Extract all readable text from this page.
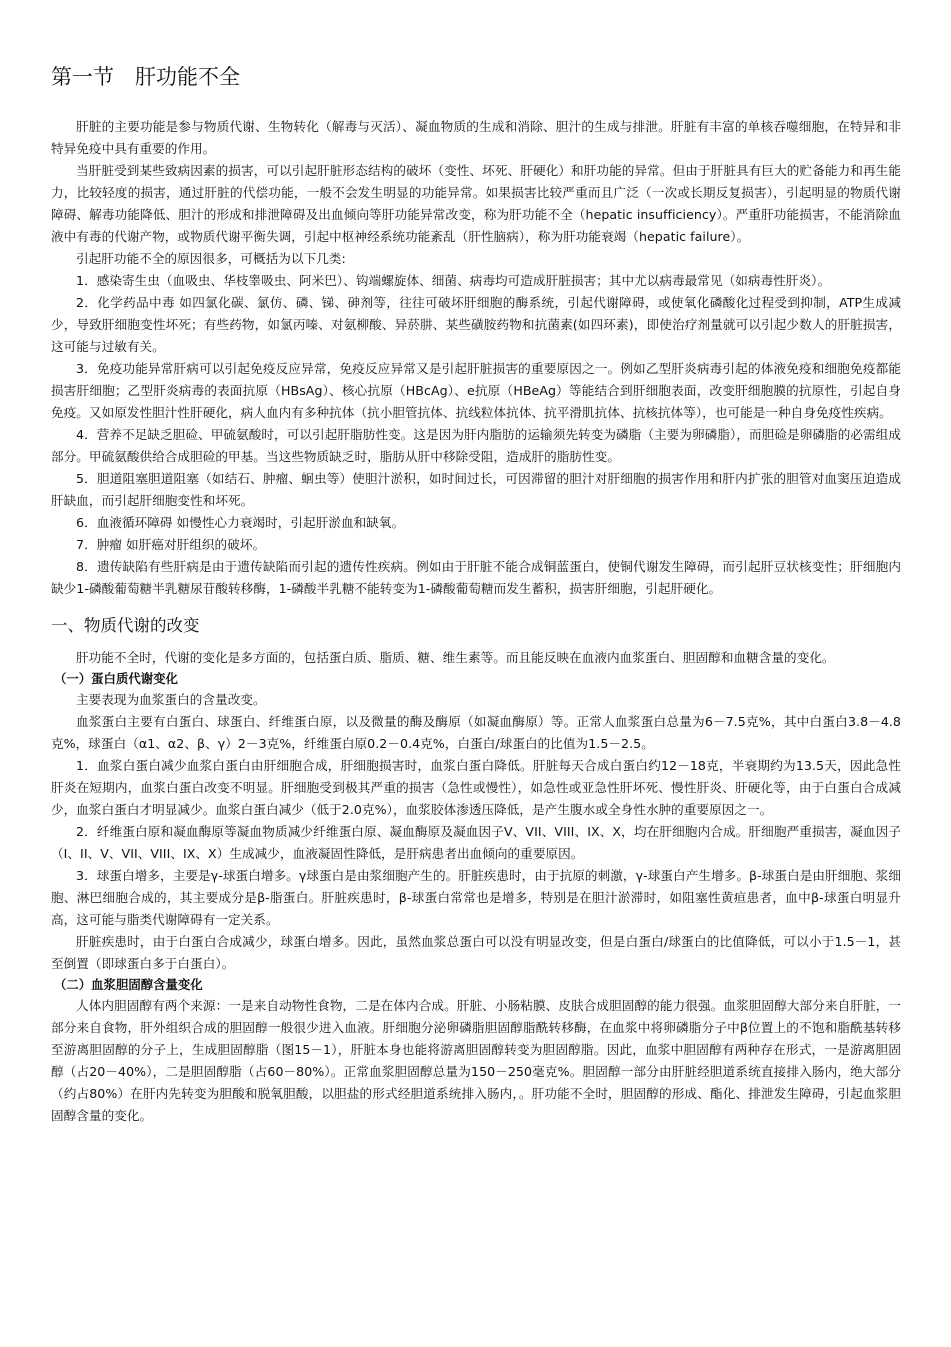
第一节　肝功能不全

肝脏的主要功能是参与物质代谢、生物转化（解毒与灭活）、凝血物质的生成和消除、胆汁的生成与排泄。肝脏有丰富的单核吞噬细胞，在特异和非特异免疫中具有重要的作用。

当肝脏受到某些致病因素的损害，可以引起肝脏形态结构的破坏（变性、坏死、肝硬化）和肝功能的异常。但由于肝脏具有巨大的贮备能力和再生能力，比较轻度的损害，通过肝脏的代偿功能，一般不会发生明显的功能异常。如果损害比较严重而且广泛（一次或长期反复损害），引起明显的物质代谢障碍、解毒功能降低、胆汁的形成和排泄障碍及出血倾向等肝功能异常改变，称为肝功能不全（hepatic insufficiency）。严重肝功能损害，不能消除血液中有毒的代谢产物，或物质代谢平衡失调，引起中枢神经系统功能紊乱（肝性脑病），称为肝功能衰竭（hepatic failure）。

引起肝功能不全的原因很多，可概括为以下几类:

1．感染寄生虫（血吸虫、华枝睾吸虫、阿米巴）、钩端螺旋体、细菌、病毒均可造成肝脏损害；其中尤以病毒最常见（如病毒性肝炎）。

2．化学药品中毒 如四氯化碳、氯仿、磷、锑、砷剂等，往往可破坏肝细胞的酶系统，引起代谢障碍，或使氧化磷酸化过程受到抑制，ATP生成减少，导致肝细胞变性坏死；有些药物，如氯丙嗪、对氨柳酸、异菸肼、某些磺胺药物和抗菌素(如四环素)，即使治疗剂量就可以引起少数人的肝脏损害，这可能与过敏有关。

3．免疫功能异常肝病可以引起免疫反应异常，免疫反应异常又是引起肝脏损害的重要原因之一。例如乙型肝炎病毒引起的体液免疫和细胞免疫都能损害肝细胞；乙型肝炎病毒的表面抗原（HBsAg）、核心抗原（HBcAg）、e抗原（HBeAg）等能结合到肝细胞表面，改变肝细胞膜的抗原性，引起自身免疫。又如原发性胆汁性肝硬化，病人血内有多种抗体（抗小胆管抗体、抗线粒体抗体、抗平滑肌抗体、抗核抗体等），也可能是一种自身免疫性疾病。

4．营养不足缺乏胆硷、甲硫氨酸时，可以引起肝脂肪性变。这是因为肝内脂肪的运输须先转变为磷脂（主要为卵磷脂），而胆硷是卵磷脂的必需组成部分。甲硫氨酸供给合成胆硷的甲基。当这些物质缺乏时，脂肪从肝中移除受阻，造成肝的脂肪性变。

5．胆道阻塞胆道阻塞（如结石、肿瘤、蛔虫等）使胆汁淤积，如时间过长，可因滞留的胆汁对肝细胞的损害作用和肝内扩张的胆管对血窦压迫造成肝缺血，而引起肝细胞变性和坏死。

6．血液循环障碍 如慢性心力衰竭时，引起肝淤血和缺氧。

7．肿瘤 如肝癌对肝组织的破坏。

8．遗传缺陷有些肝病是由于遗传缺陷而引起的遗传性疾病。例如由于肝脏不能合成铜蓝蛋白，使铜代谢发生障碍，而引起肝豆状核变性；肝细胞内缺少1-磷酸葡萄糖半乳糖尿苷酸转移酶，1-磷酸半乳糖不能转变为1-磷酸葡萄糖而发生蓄积，损害肝细胞，引起肝硬化。

一、物质代谢的改变

肝功能不全时，代谢的变化是多方面的，包括蛋白质、脂质、糖、维生素等。而且能反映在血液内血浆蛋白、胆固醇和血糖含量的变化。

（一）蛋白质代谢变化

主要表现为血浆蛋白的含量改变。

血浆蛋白主要有白蛋白、球蛋白、纤维蛋白原，以及微量的酶及酶原（如凝血酶原）等。正常人血浆蛋白总量为6－7.5克%，其中白蛋白3.8－4.8克%，球蛋白（α1、α2、β、γ）2－3克%，纤维蛋白原0.2－0.4克%，白蛋白/球蛋白的比值为1.5－2.5。

1．血浆白蛋白减少血浆白蛋白由肝细胞合成，肝细胞损害时，血浆白蛋白降低。肝脏每天合成白蛋白约12－18克，半衰期约为13.5天，因此急性肝炎在短期内，血浆白蛋白改变不明显。肝细胞受到极其严重的损害（急性或慢性），如急性或亚急性肝坏死、慢性肝炎、肝硬化等，由于白蛋白合成减少，血浆白蛋白才明显减少。血浆白蛋白减少（低于2.0克%），血浆胶体渗透压降低，是产生腹水或全身性水肿的重要原因之一。

2．纤维蛋白原和凝血酶原等凝血物质减少纤维蛋白原、凝血酶原及凝血因子V、VII、VIII、IX、X，均在肝细胞内合成。肝细胞严重损害，凝血因子（I、II、V、VII、VIII、IX、X）生成减少，血液凝固性降低，是肝病患者出血倾向的重要原因。

3．球蛋白增多，主要是γ-球蛋白增多。γ球蛋白是由浆细胞产生的。肝脏疾患时，由于抗原的刺激，γ-球蛋白产生增多。β-球蛋白是由肝细胞、浆细胞、淋巴细胞合成的，其主要成分是β-脂蛋白。肝脏疾患时，β-球蛋白常常也是增多，特别是在胆汁淤滞时，如阻塞性黄疸患者，血中β-球蛋白明显升高，这可能与脂类代谢障碍有一定关系。

肝脏疾患时，由于白蛋白合成减少，球蛋白增多。因此，虽然血浆总蛋白可以没有明显改变，但是白蛋白/球蛋白的比值降低，可以小于1.5－1，甚至倒置（即球蛋白多于白蛋白）。

（二）血浆胆固醇含量变化

人体内胆固醇有两个来源：一是来自动物性食物，二是在体内合成。肝脏、小肠粘膜、皮肤合成胆固醇的能力很强。血浆胆固醇大部分来自肝脏，一部分来自食物，肝外组织合成的胆固醇一般很少进入血液。肝细胞分泌卵磷脂胆固醇脂酰转移酶，在血浆中将卵磷脂分子中β位置上的不饱和脂酰基转移至游离胆固醇的分子上，生成胆固醇脂（图15－1），肝脏本身也能将游离胆固醇转变为胆固醇脂。因此，血浆中胆固醇有两种存在形式，一是游离胆固醇（占20－40%），二是胆固醇脂（占60－80%）。正常血浆胆固醇总量为150－250毫克%。胆固醇一部分由肝脏经胆道系统直接排入肠内，绝大部分（约占80%）在肝内先转变为胆酸和脱氧胆酸，以胆盐的形式经胆道系统排入肠内，。肝功能不全时，胆固醇的形成、酯化、排泄发生障碍，引起血浆胆固醇含量的变化。
